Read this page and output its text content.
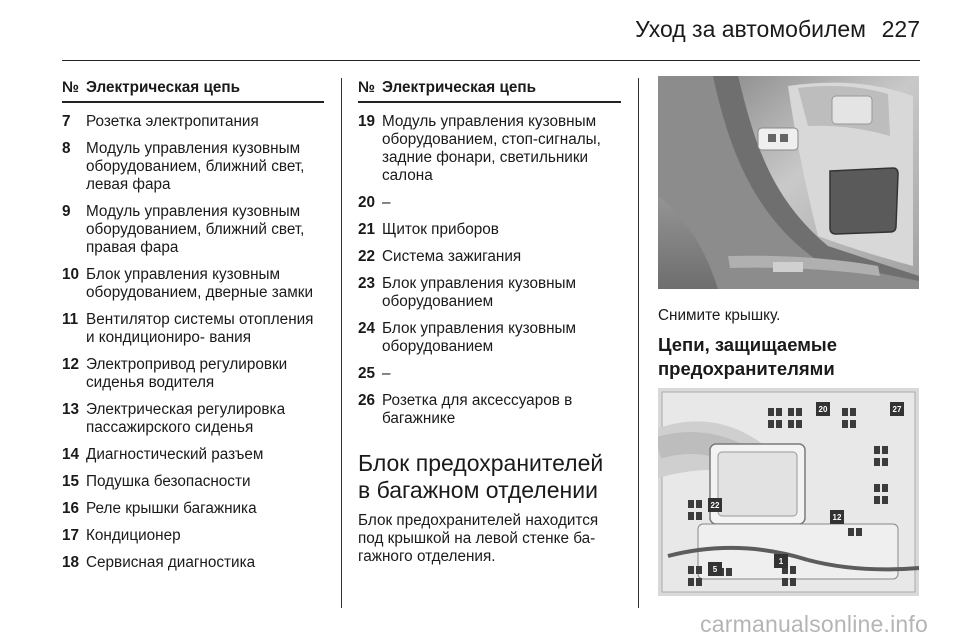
Уход за автомобилем 227
№ Электрическая цепь
7	Розетка электропитания
8	Модуль управления кузовным оборудованием, ближний свет, левая фара
9	Модуль управления кузовным оборудованием, ближний свет, правая фара
10 Блок управления кузовным оборудованием, дверные замки
11 Вентилятор системы отопления и кондициониро- вания
12 Электропривод регулировки сиденья водителя
13 Электрическая регулировка пассажирского сиденья
14 Диагностический разъем
15 Подушка безопасности
16 Реле крышки багажника
17 Кондиционер
18 Сервисная диагностика
№ Электрическая цепь
19 Модуль управления кузовным оборудованием, стоп-сигналы, задние фонари, светильники салона
20 –
21 Щиток приборов
22 Система зажигания
23 Блок управления кузовным оборудованием
24 Блок управления кузовным оборудованием
25 –
26 Розетка для аксессуаров в багажнике
Блок предохранителей в багажном отделении
Блок предохранителей находится под крышкой на левой стенке ба- гажного отделения.
Снимите крышку.
Цепи, защищаемые предохранителями
20	27
22
12
5
1
carmanualsonline.info
